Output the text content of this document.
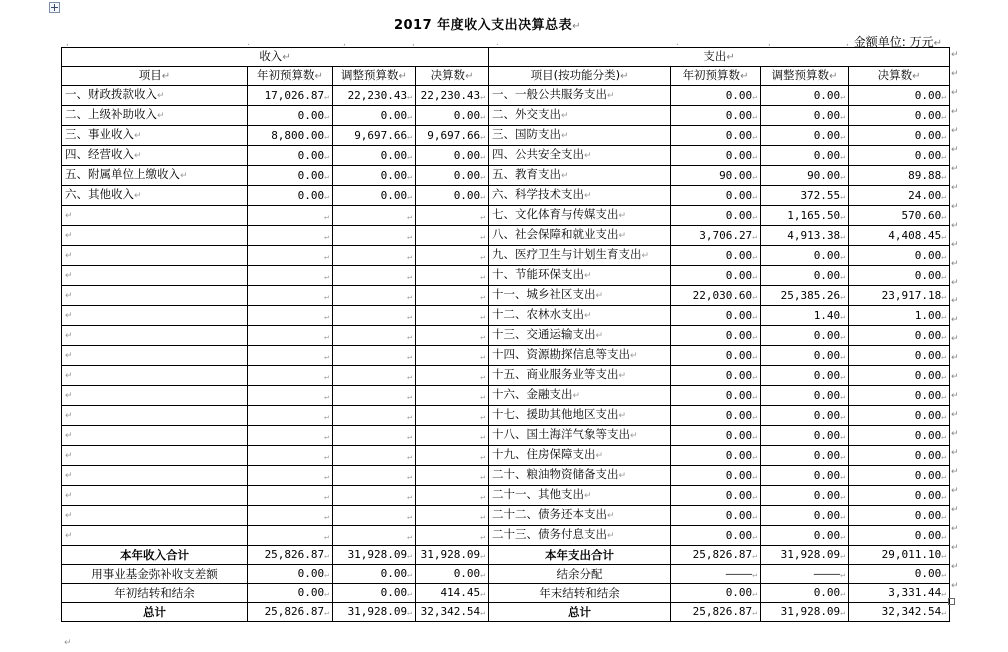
2017 年度收入支出决算总表↵
金额单位: 万元↵
,	.	,	,	.	.	,	,
收入↵				支出↵			
项目↵	年初预算数↵	调整预算数↵	决算数↵	项目(按功能分类)↵	年初预算数↵	调整预算数↵	决算数↵
一、财政拨款收入 ↵	17,026.87 ↵	22,230.43 ↵	22,230.43 ↵	一、一般公共服务支出 ↵	0.00 ↵	0.00 ↵	0.00 ↵
二、上级补助收入 ↵	0.00 ↵	0.00 ↵	0.00 ↵	二、外交支出 ↵	0.00 ↵	0.00 ↵	0.00 ↵
三、事业收入 ↵	8,800.00 ↵	9,697.66 ↵	9,697.66 ↵	三、国防支出 ↵	0.00 ↵	0.00 ↵	0.00 ↵
四、经营收入 ↵	0.00 ↵	0.00 ↵	0.00 ↵	四、公共安全支出 ↵	0.00 ↵	0.00 ↵	0.00 ↵
五、附属单位上缴收入 ↵	0.00 ↵	0.00 ↵	0.00 ↵	五、教育支出 ↵	90.00 ↵	90.00 ↵	89.88 ↵
六、其他收入 ↵	0.00 ↵	0.00 ↵	0.00 ↵	六、科学技术支出 ↵	0.00 ↵	372.55 ↵	24.00 ↵
↵	↵	↵	↵	七、文化体育与传媒支出 ↵	0.00 ↵	1,165.50 ↵	570.60 ↵
↵	↵	↵	↵	八、社会保障和就业支出 ↵	3,706.27 ↵	4,913.38 ↵	4,408.45 ↵
↵	↵	↵	↵	九、医疗卫生与计划生育支出 ↵	0.00 ↵	0.00 ↵	0.00 ↵
↵	↵	↵	↵	十、节能环保支出 ↵	0.00 ↵	0.00 ↵	0.00 ↵
↵	↵	↵	↵	十一、城乡社区支出 ↵	22,030.60 ↵	25,385.26 ↵	23,917.18 ↵
↵	↵	↵	↵	十二、农林水支出 ↵	0.00 ↵	1.40 ↵	1.00 ↵
↵	↵	↵	↵	十三、交通运输支出 ↵	0.00 ↵	0.00 ↵	0.00 ↵
↵	↵	↵	↵	十四、资源勘探信息等支出 ↵	0.00 ↵	0.00 ↵	0.00 ↵
↵	↵	↵	↵	十五、商业服务业等支出 ↵	0.00 ↵	0.00 ↵	0.00 ↵
↵	↵	↵	↵	十六、金融支出 ↵	0.00 ↵	0.00 ↵	0.00 ↵
↵	↵	↵	↵	十七、援助其他地区支出 ↵	0.00 ↵	0.00 ↵	0.00 ↵
↵	↵	↵	↵	十八、国土海洋气象等支出 ↵	0.00 ↵	0.00 ↵	0.00 ↵
↵	↵	↵	↵	十九、住房保障支出 ↵	0.00 ↵	0.00 ↵	0.00 ↵
↵	↵	↵	↵	二十、粮油物资储备支出 ↵	0.00 ↵	0.00 ↵	0.00 ↵
↵	↵	↵	↵	二十一、其他支出 ↵	0.00 ↵	0.00 ↵	0.00 ↵
↵	↵	↵	↵	二十二、债务还本支出 ↵	0.00 ↵	0.00 ↵	0.00 ↵
↵	↵	↵	↵	二十三、债务付息支出 ↵	0.00 ↵	0.00 ↵	0.00 ↵
本年收入合计	25,826.87 ↵	31,928.09 ↵	31,928.09 ↵	本年支出合计	25,826.87 ↵	31,928.09 ↵	29,011.10 ↵
用事业基金弥补收支差额	0.00 ↵	0.00 ↵	0.00 ↵	结余分配	———— ↵	———— ↵	0.00 ↵
年初结转和结余	0.00 ↵	0.00 ↵	414.45 ↵	年末结转和结余	0.00 ↵	0.00 ↵	3,331.44 ↵
总计	25,826.87 ↵	31,928.09 ↵	32,342.54 ↵	总计	25,826.87 ↵	31,928.09 ↵	32,342.54 ↵
↵
↵
↵
↵
↵
↵
↵
↵
↵
↵
↵
↵
↵
↵
↵
↵
↵
↵
↵
↵
↵
↵
↵
↵
↵
↵
↵
↵
↵
↵
